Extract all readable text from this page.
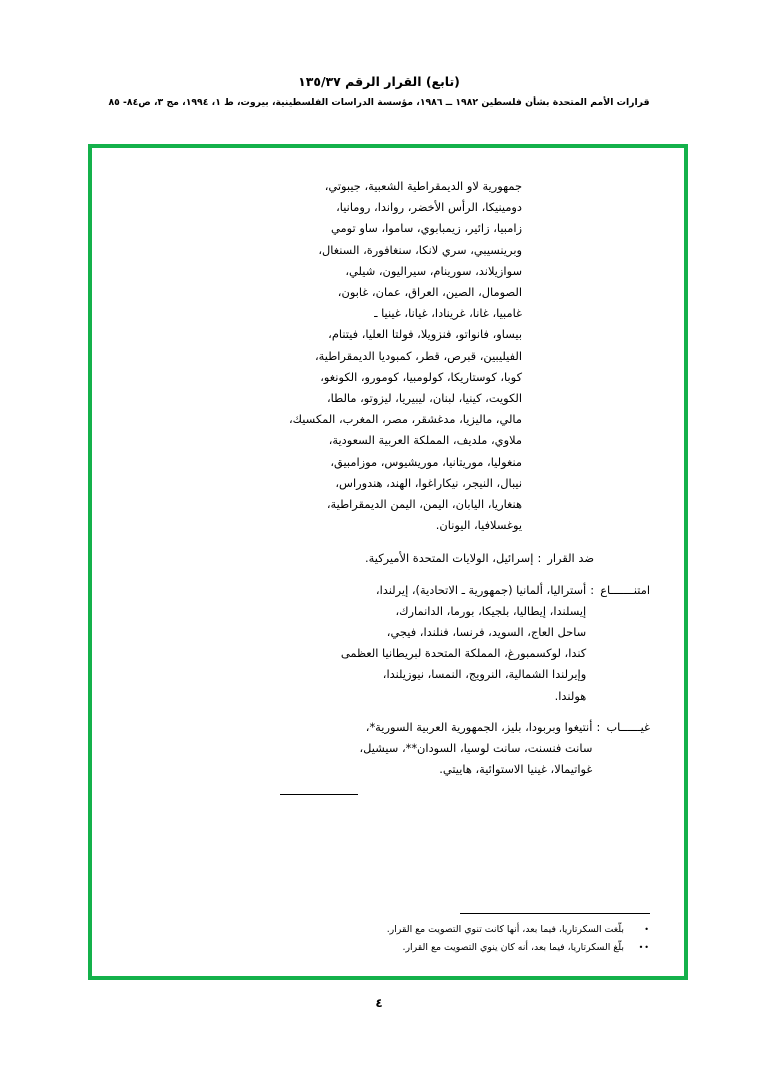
(تابع) القرار الرقم ١٣٥/٣٧
قرارات الأمم المتحدة بشأن فلسطين ١٩٨٢ ــ ١٩٨٦، مؤسسة الدراسات الفلسطينية، بيروت، ط ١، ١٩٩٤، مج ٣، ص٨٤- ٨٥
جمهورية لاو الديمقراطية الشعبية، جيبوتي،
دومينيكا، الرأس الأخضر، رواندا، رومانيا،
زامبيا، زائير، زيمبابوي، ساموا، ساو تومي
وبرينسيبي، سري لانكا، سنغافورة، السنغال،
سوازيلاند، سورينام، سيراليون، شيلي،
الصومال، الصين، العراق، عمان، غابون،
غامبيا، غانا، غرينادا، غيانا، غينيا ـ
بيساو، فانواتو، فنزويلا، فولتا العليا، فيتنام،
الفيليبين، قبرص، قطر، كمبوديا الديمقراطية،
كوبا، كوستاريكا، كولومبيا، كومورو، الكونغو،
الكويت، كينيا، لبنان، ليبيريا، ليزوتو، مالطا،
مالي، ماليزيا، مدغشقر، مصر، المغرب، المكسيك،
ملاوي، ملديف، المملكة العربية السعودية،
منغوليا، موريتانيا، موريشيوس، موزامبيق،
نيبال، النيجر، نيكاراغوا، الهند، هندوراس،
هنغاريا، اليابان، اليمن، اليمن الديمقراطية،
يوغسلافيا، اليونان.
ضد القرار
:
إسرائيل، الولايات المتحدة الأميركية.
امتنـــــــاع
:
أستراليا، ألمانيا (جمهورية ـ الاتحادية)، إيرلندا،
إيسلندا، إيطاليا، بلجيكا، بورما، الدانمارك،
ساحل العاج، السويد، فرنسا، فنلندا، فيجي،
كندا، لوكسمبورغ، المملكة المتحدة لبريطانيا العظمى
وإيرلندا الشمالية، النرويج، النمسا، نيوزيلندا،
هولندا.
غيــــــاب
:
أنتيغوا وبربودا، بليز، الجمهورية العربية السورية*،
سانت فنسنت، سانت لوسيا، السودان**، سيشيل،
غواتيمالا، غينيا الاستوائية، هاييتي.
•
بلّغت السكرتاريا، فيما بعد، أنها كانت تنوي التصويت مع القرار.
••
بلّغ السكرتاريا، فيما بعد، أنه كان ينوي التصويت مع القرار.
٤
